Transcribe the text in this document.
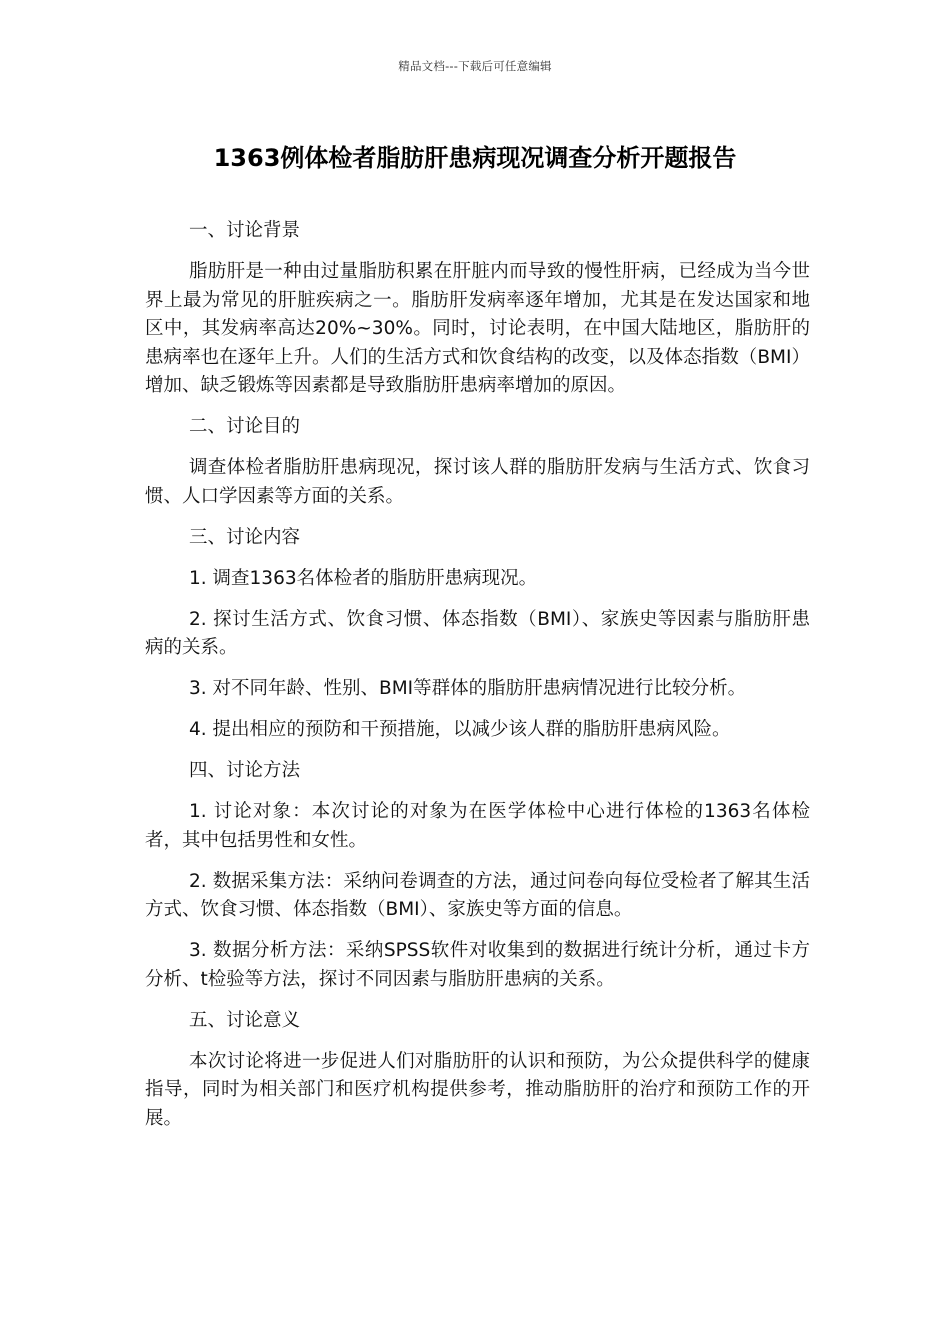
精品文档---下载后可任意编辑
1363例体检者脂肪肝患病现况调查分析开题报告

一、讨论背景

脂肪肝是一种由过量脂肪积累在肝脏内而导致的慢性肝病，已经成为当今世界上最为常见的肝脏疾病之一。脂肪肝发病率逐年增加，尤其是在发达国家和地区中，其发病率高达20%~30%。同时，讨论表明，在中国大陆地区，脂肪肝的患病率也在逐年上升。人们的生活方式和饮食结构的改变，以及体态指数（BMI）增加、缺乏锻炼等因素都是导致脂肪肝患病率增加的原因。

二、讨论目的

调查体检者脂肪肝患病现况，探讨该人群的脂肪肝发病与生活方式、饮食习惯、人口学因素等方面的关系。

三、讨论内容

1. 调查1363名体检者的脂肪肝患病现况。

2. 探讨生活方式、饮食习惯、体态指数（BMI）、家族史等因素与脂肪肝患病的关系。

3. 对不同年龄、性别、BMI等群体的脂肪肝患病情况进行比较分析。

4. 提出相应的预防和干预措施，以减少该人群的脂肪肝患病风险。

四、讨论方法

1. 讨论对象：本次讨论的对象为在医学体检中心进行体检的1363名体检者，其中包括男性和女性。

2. 数据采集方法：采纳问卷调查的方法，通过问卷向每位受检者了解其生活方式、饮食习惯、体态指数（BMI）、家族史等方面的信息。

3. 数据分析方法：采纳SPSS软件对收集到的数据进行统计分析，通过卡方分析、t检验等方法，探讨不同因素与脂肪肝患病的关系。

五、讨论意义

本次讨论将进一步促进人们对脂肪肝的认识和预防，为公众提供科学的健康指导，同时为相关部门和医疗机构提供参考，推动脂肪肝的治疗和预防工作的开展。
